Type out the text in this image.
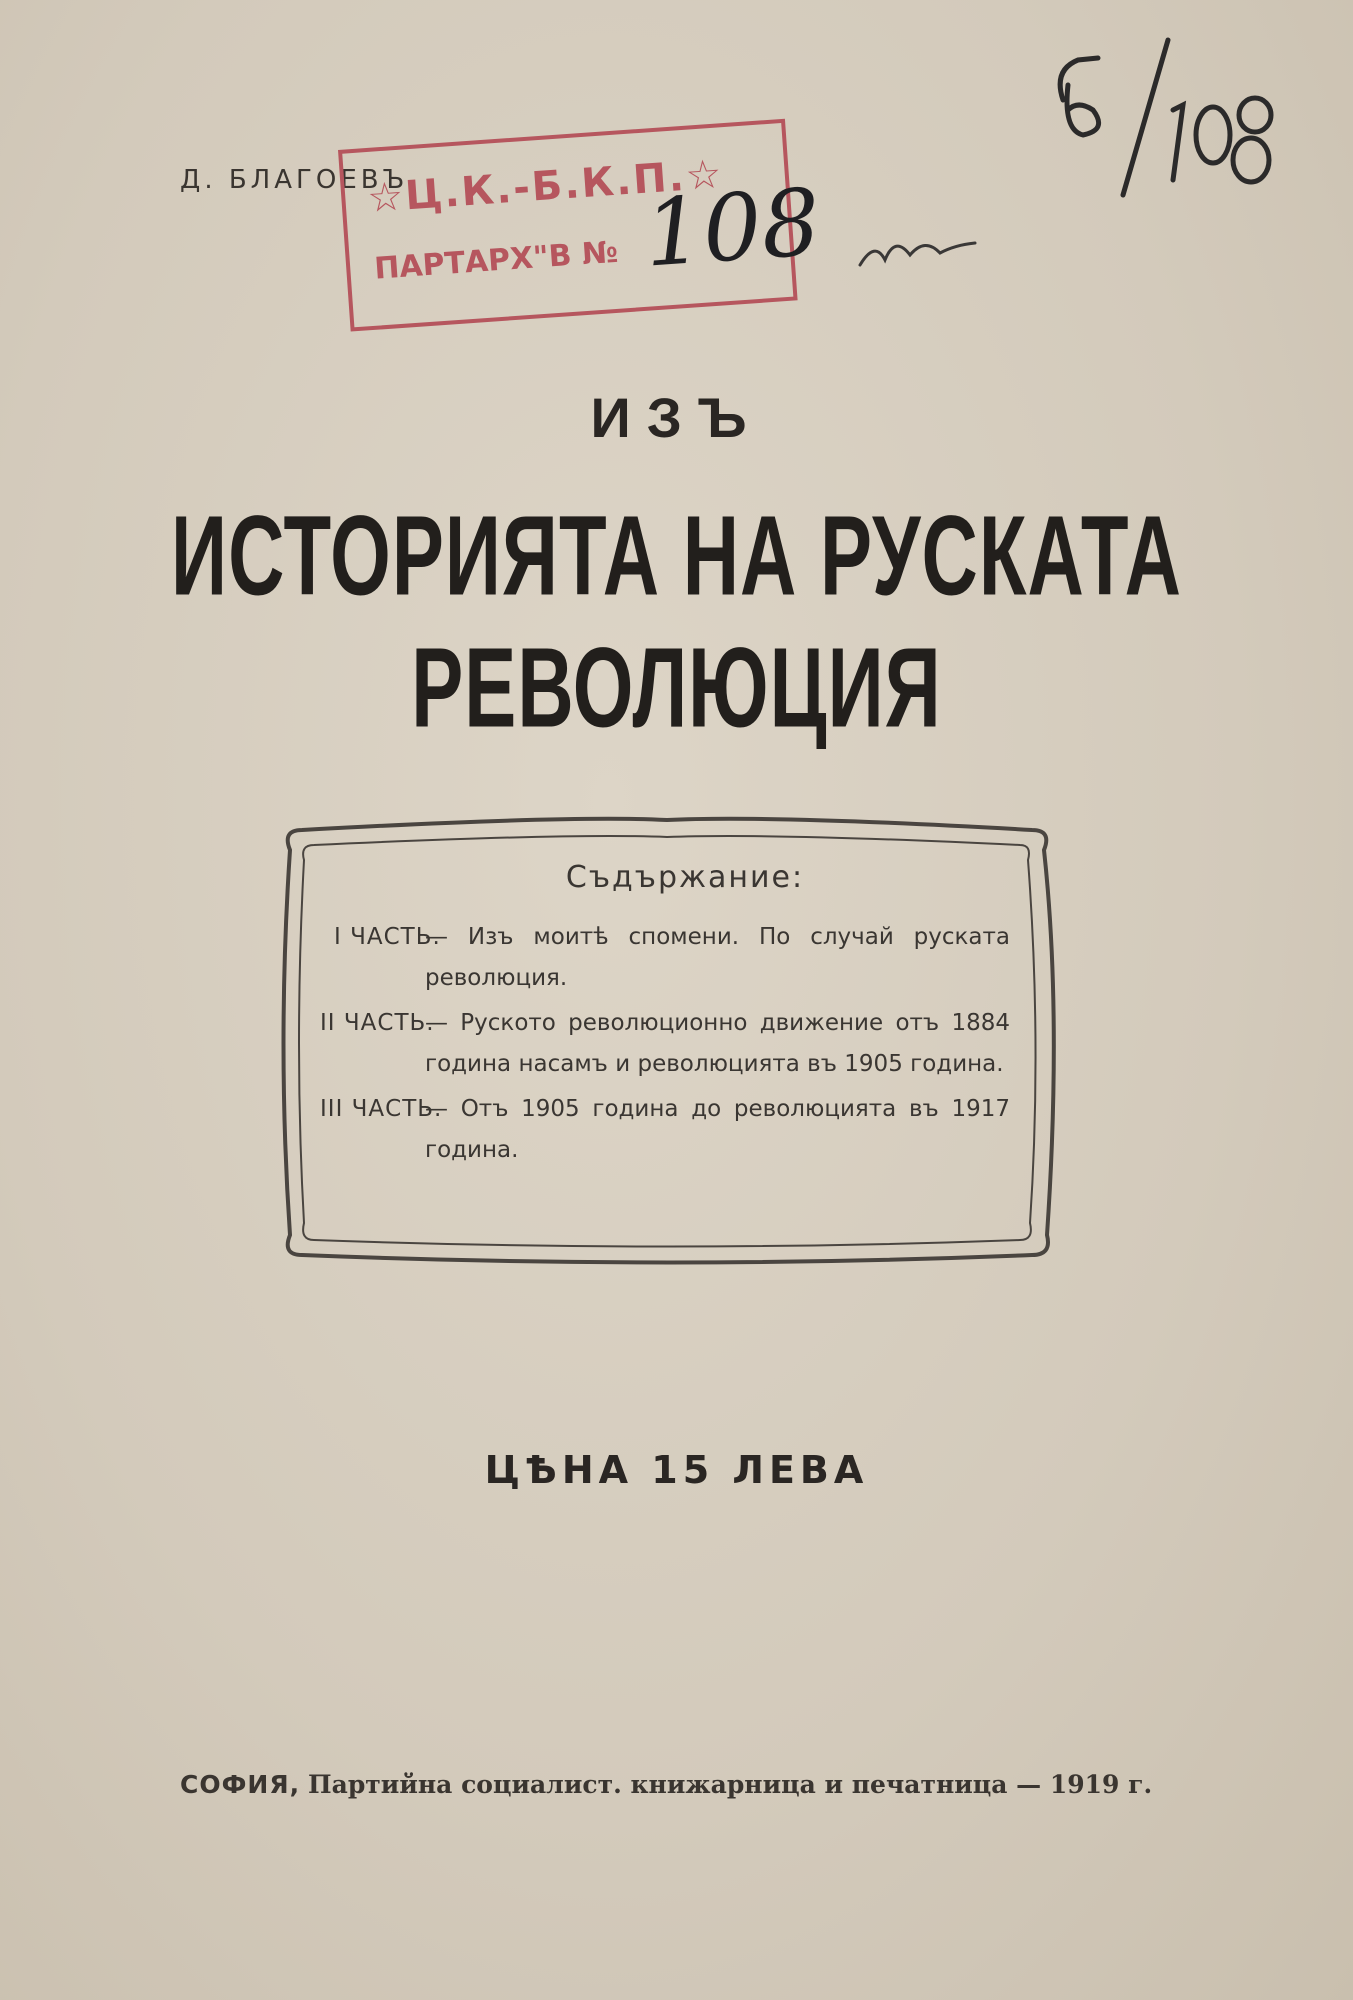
Д. БЛАГОЕВЪ

☆Ц.К.-Б.К.П.☆
ПАРТАРХ"В № 108

ИЗЪ

ИСТОРИЯТА НА РУСКАТА РЕВОЛЮЦИЯ

Съдържание:

I ЧАСТЬ.
— Изъ моитѣ спомени. По случай руската революция.

II ЧАСТЬ.
— Руското революционно движение отъ 1884 година насамъ и революцията въ 1905 година.

III ЧАСТЬ.
— Отъ 1905 година до революцията въ 1917 година.

ЦѢНА 15 ЛЕВА

СОФИЯ, Партийна социалист. книжарница и печатница — 1919 г.
